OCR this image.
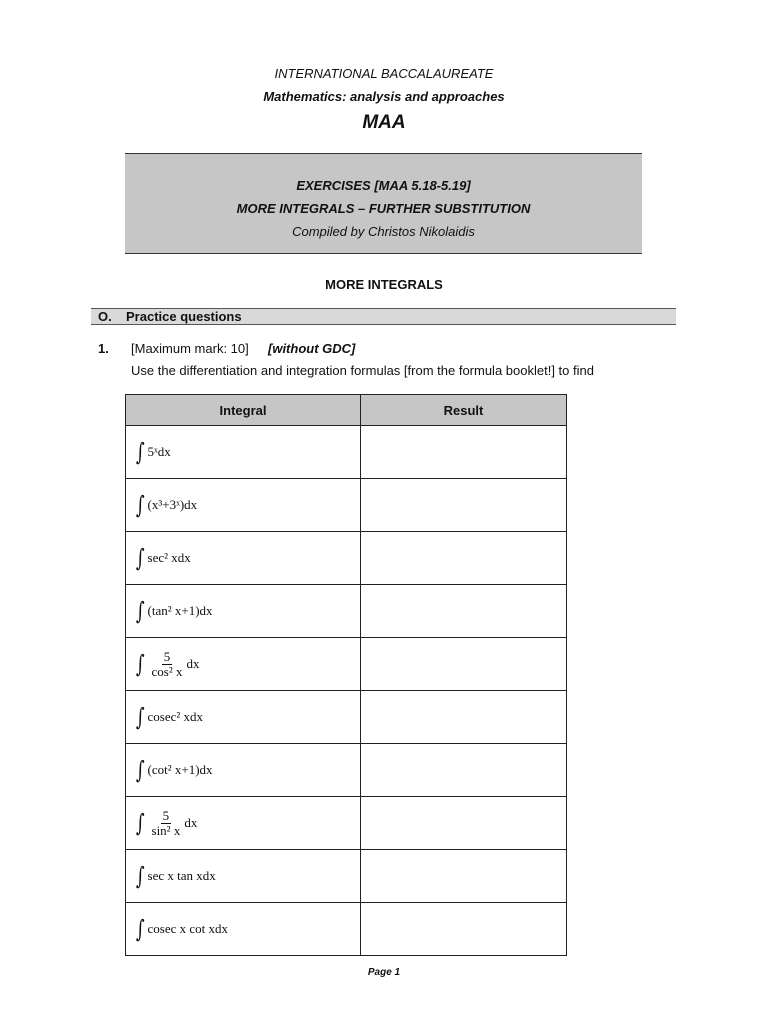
INTERNATIONAL BACCALAUREATE
Mathematics: analysis and approaches
MAA
EXERCISES [MAA 5.18-5.19]
MORE INTEGRALS – FURTHER SUBSTITUTION
Compiled by Christos Nikolaidis
MORE INTEGRALS
O. Practice questions
1. [Maximum mark: 10] [without GDC]
Use the differentiation and integration formulas [from the formula booklet!] to find
Integral	Result

∫ 5ˣdx	

∫ (x³+3ˣ)dx	

∫ sec² xdx	

∫ (tan² x+1)dx	

∫ $\frac{5}{\text{cos² x}}$ dx	

∫ cosec² xdx	

∫ (cot² x+1)dx	

∫ $\frac{5}{\text{sin² x}}$ dx	

∫ sec x tan xdx	

∫ cosec x cot xdx	

Page 1
